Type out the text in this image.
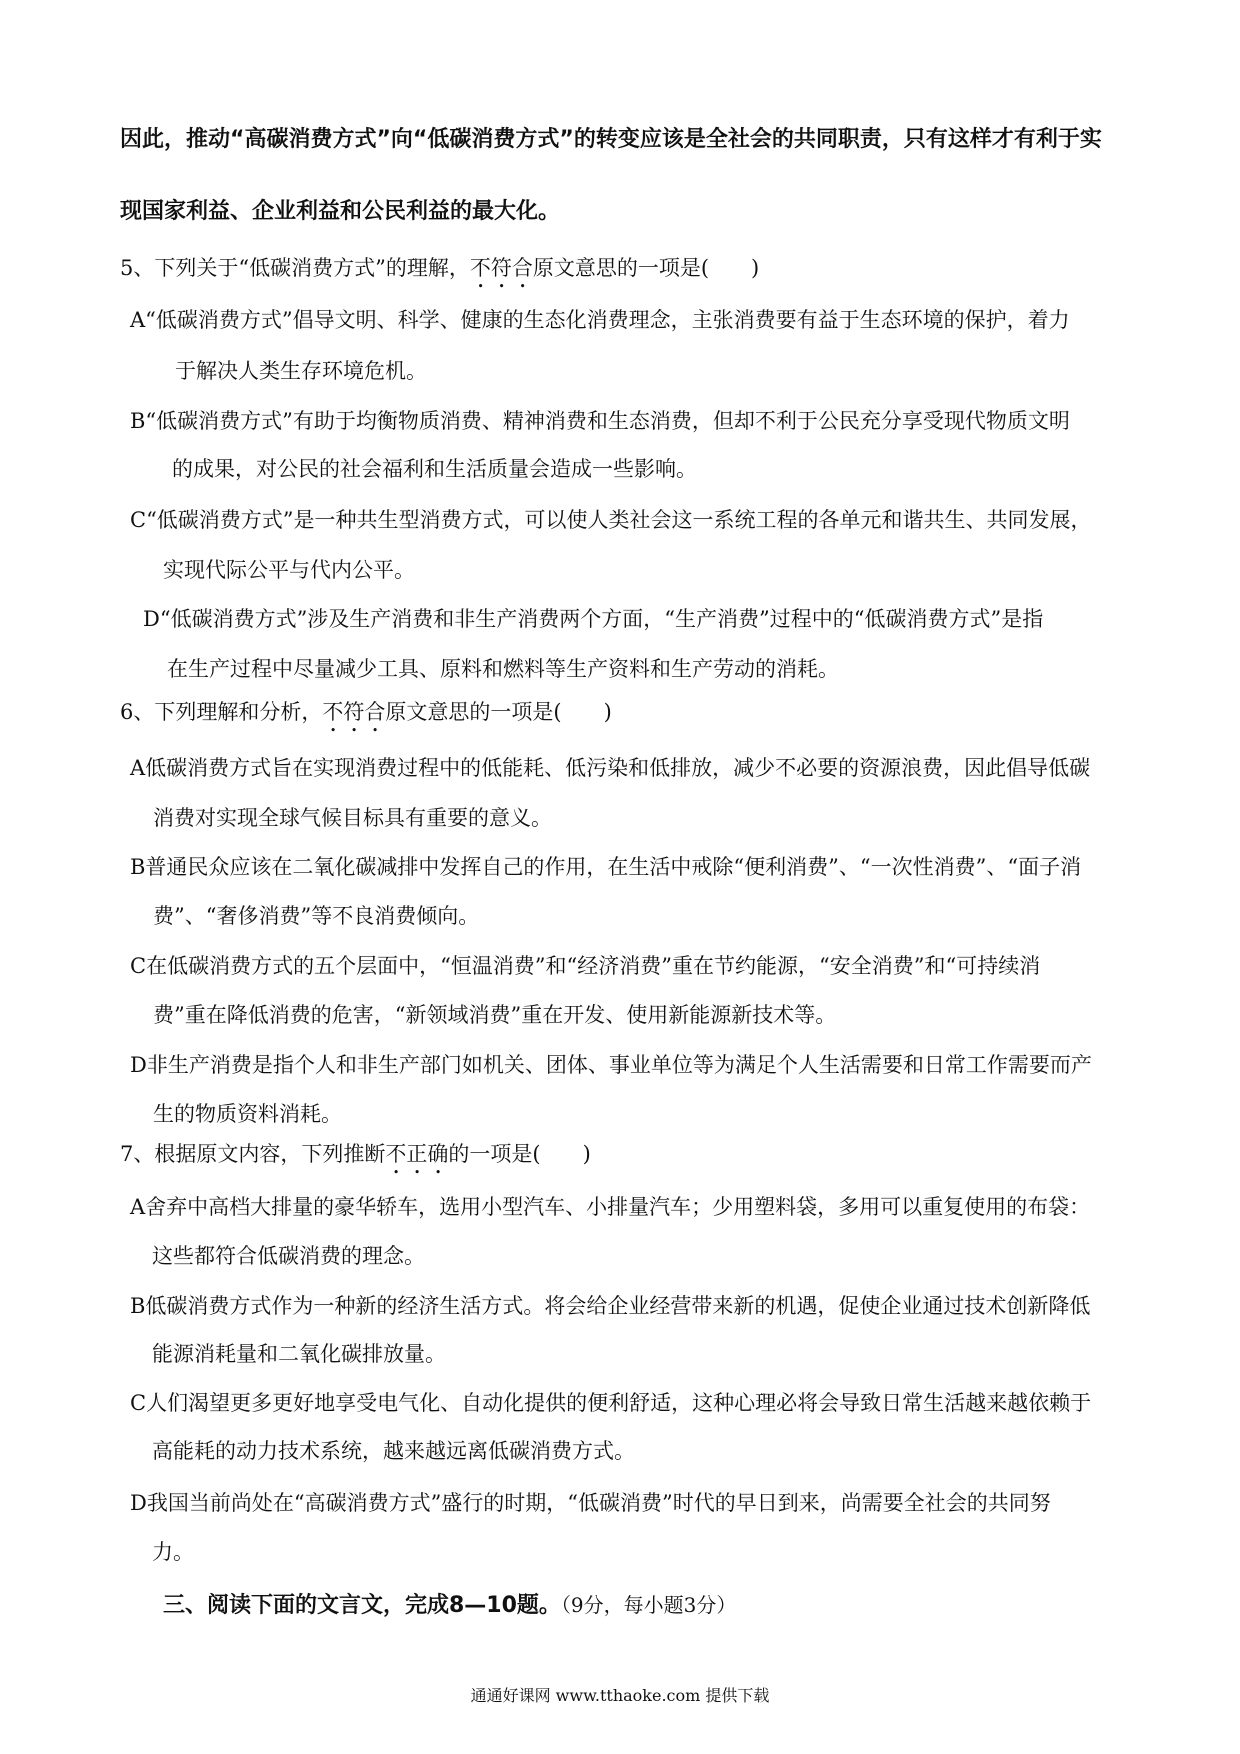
因此，推动“高碳消费方式”向“低碳消费方式”的转变应该是全社会的共同职责，只有这样才有利于实
现国家利益、企业利益和公民利益的最大化。
5、下列关于“低碳消费方式”的理解，不符合原文意思的一项是(　　)
A“低碳消费方式”倡导文明、科学、健康的生态化消费理念，主张消费要有益于生态环境的保护，着力
于解决人类生存环境危机。
B“低碳消费方式”有助于均衡物质消费、精神消费和生态消费，但却不利于公民充分享受现代物质文明
的成果，对公民的社会福利和生活质量会造成一些影响。
C“低碳消费方式”是一种共生型消费方式，可以使人类社会这一系统工程的各单元和谐共生、共同发展，
实现代际公平与代内公平。
D“低碳消费方式”涉及生产消费和非生产消费两个方面，“生产消费”过程中的“低碳消费方式”是指
在生产过程中尽量减少工具、原料和燃料等生产资料和生产劳动的消耗。
6、下列理解和分析，不符合原文意思的一项是(　　)
A低碳消费方式旨在实现消费过程中的低能耗、低污染和低排放，减少不必要的资源浪费，因此倡导低碳
消费对实现全球气候目标具有重要的意义。
B普通民众应该在二氧化碳减排中发挥自己的作用，在生活中戒除“便利消费”、“一次性消费”、“面子消
费”、“奢侈消费”等不良消费倾向。
C在低碳消费方式的五个层面中，“恒温消费”和“经济消费”重在节约能源，“安全消费”和“可持续消
费”重在降低消费的危害，“新领域消费”重在开发、使用新能源新技术等。
D非生产消费是指个人和非生产部门如机关、团体、事业单位等为满足个人生活需要和日常工作需要而产
生的物质资料消耗。
7、根据原文内容，下列推断不正确的一项是(　　)
A舍弃中高档大排量的豪华轿车，选用小型汽车、小排量汽车；少用塑料袋，多用可以重复使用的布袋：
这些都符合低碳消费的理念。
B低碳消费方式作为一种新的经济生活方式。将会给企业经营带来新的机遇，促使企业通过技术创新降低
能源消耗量和二氧化碳排放量。
C人们渴望更多更好地享受电气化、自动化提供的便利舒适，这种心理必将会导致日常生活越来越依赖于
高能耗的动力技术系统，越来越远离低碳消费方式。
D我国当前尚处在“高碳消费方式”盛行的时期，“低碳消费”时代的早日到来，尚需要全社会的共同努
力。
三、阅读下面的文言文，完成8—10题。（9分，每小题3分）
通通好课网 www.tthaoke.com 提供下载
